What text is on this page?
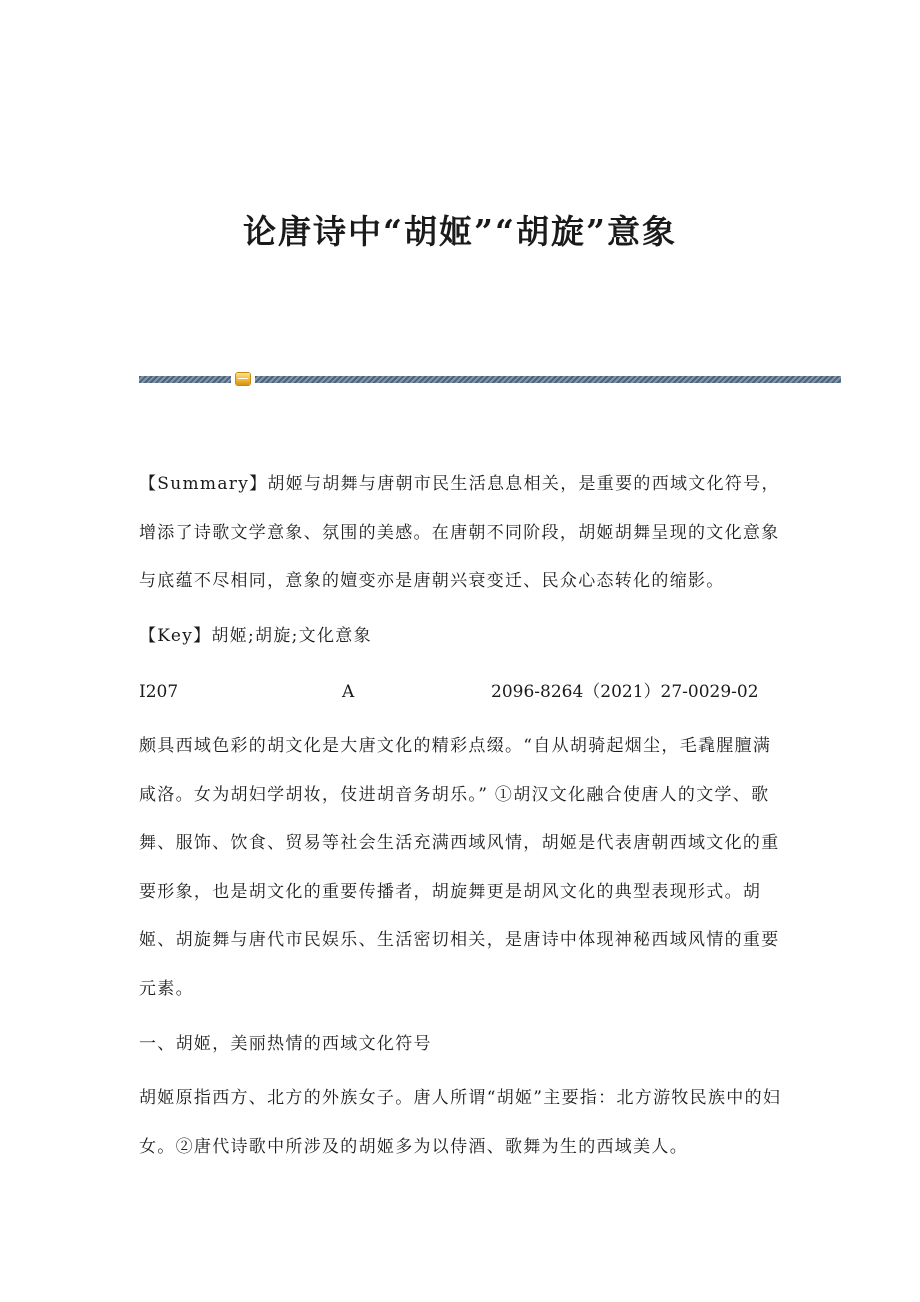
论唐诗中“胡姬”“胡旋”意象
【Summary】胡姬与胡舞与唐朝市民生活息息相关，是重要的西域文化符号，增添了诗歌文学意象、氛围的美感。在唐朝不同阶段，胡姬胡舞呈现的文化意象与底蕴不尽相同，意象的嬗变亦是唐朝兴衰变迁、民众心态转化的缩影。
【Key】胡姬;胡旋;文化意象
I207	A	2096-8264（2021）27-0029-02
颇具西域色彩的胡文化是大唐文化的精彩点缀。“自从胡骑起烟尘，毛毳腥膻满咸洛。女为胡妇学胡妆，伎进胡音务胡乐。” ①胡汉文化融合使唐人的文学、歌舞、服饰、饮食、贸易等社会生活充满西域风情，胡姬是代表唐朝西域文化的重要形象，也是胡文化的重要传播者，胡旋舞更是胡风文化的典型表现形式。胡姬、胡旋舞与唐代市民娱乐、生活密切相关，是唐诗中体现神秘西域风情的重要元素。
一、胡姬，美丽热情的西域文化符号
胡姬原指西方、北方的外族女子。唐人所谓“胡姬”主要指：北方游牧民族中的妇女。②唐代诗歌中所涉及的胡姬多为以侍酒、歌舞为生的西域美人。
